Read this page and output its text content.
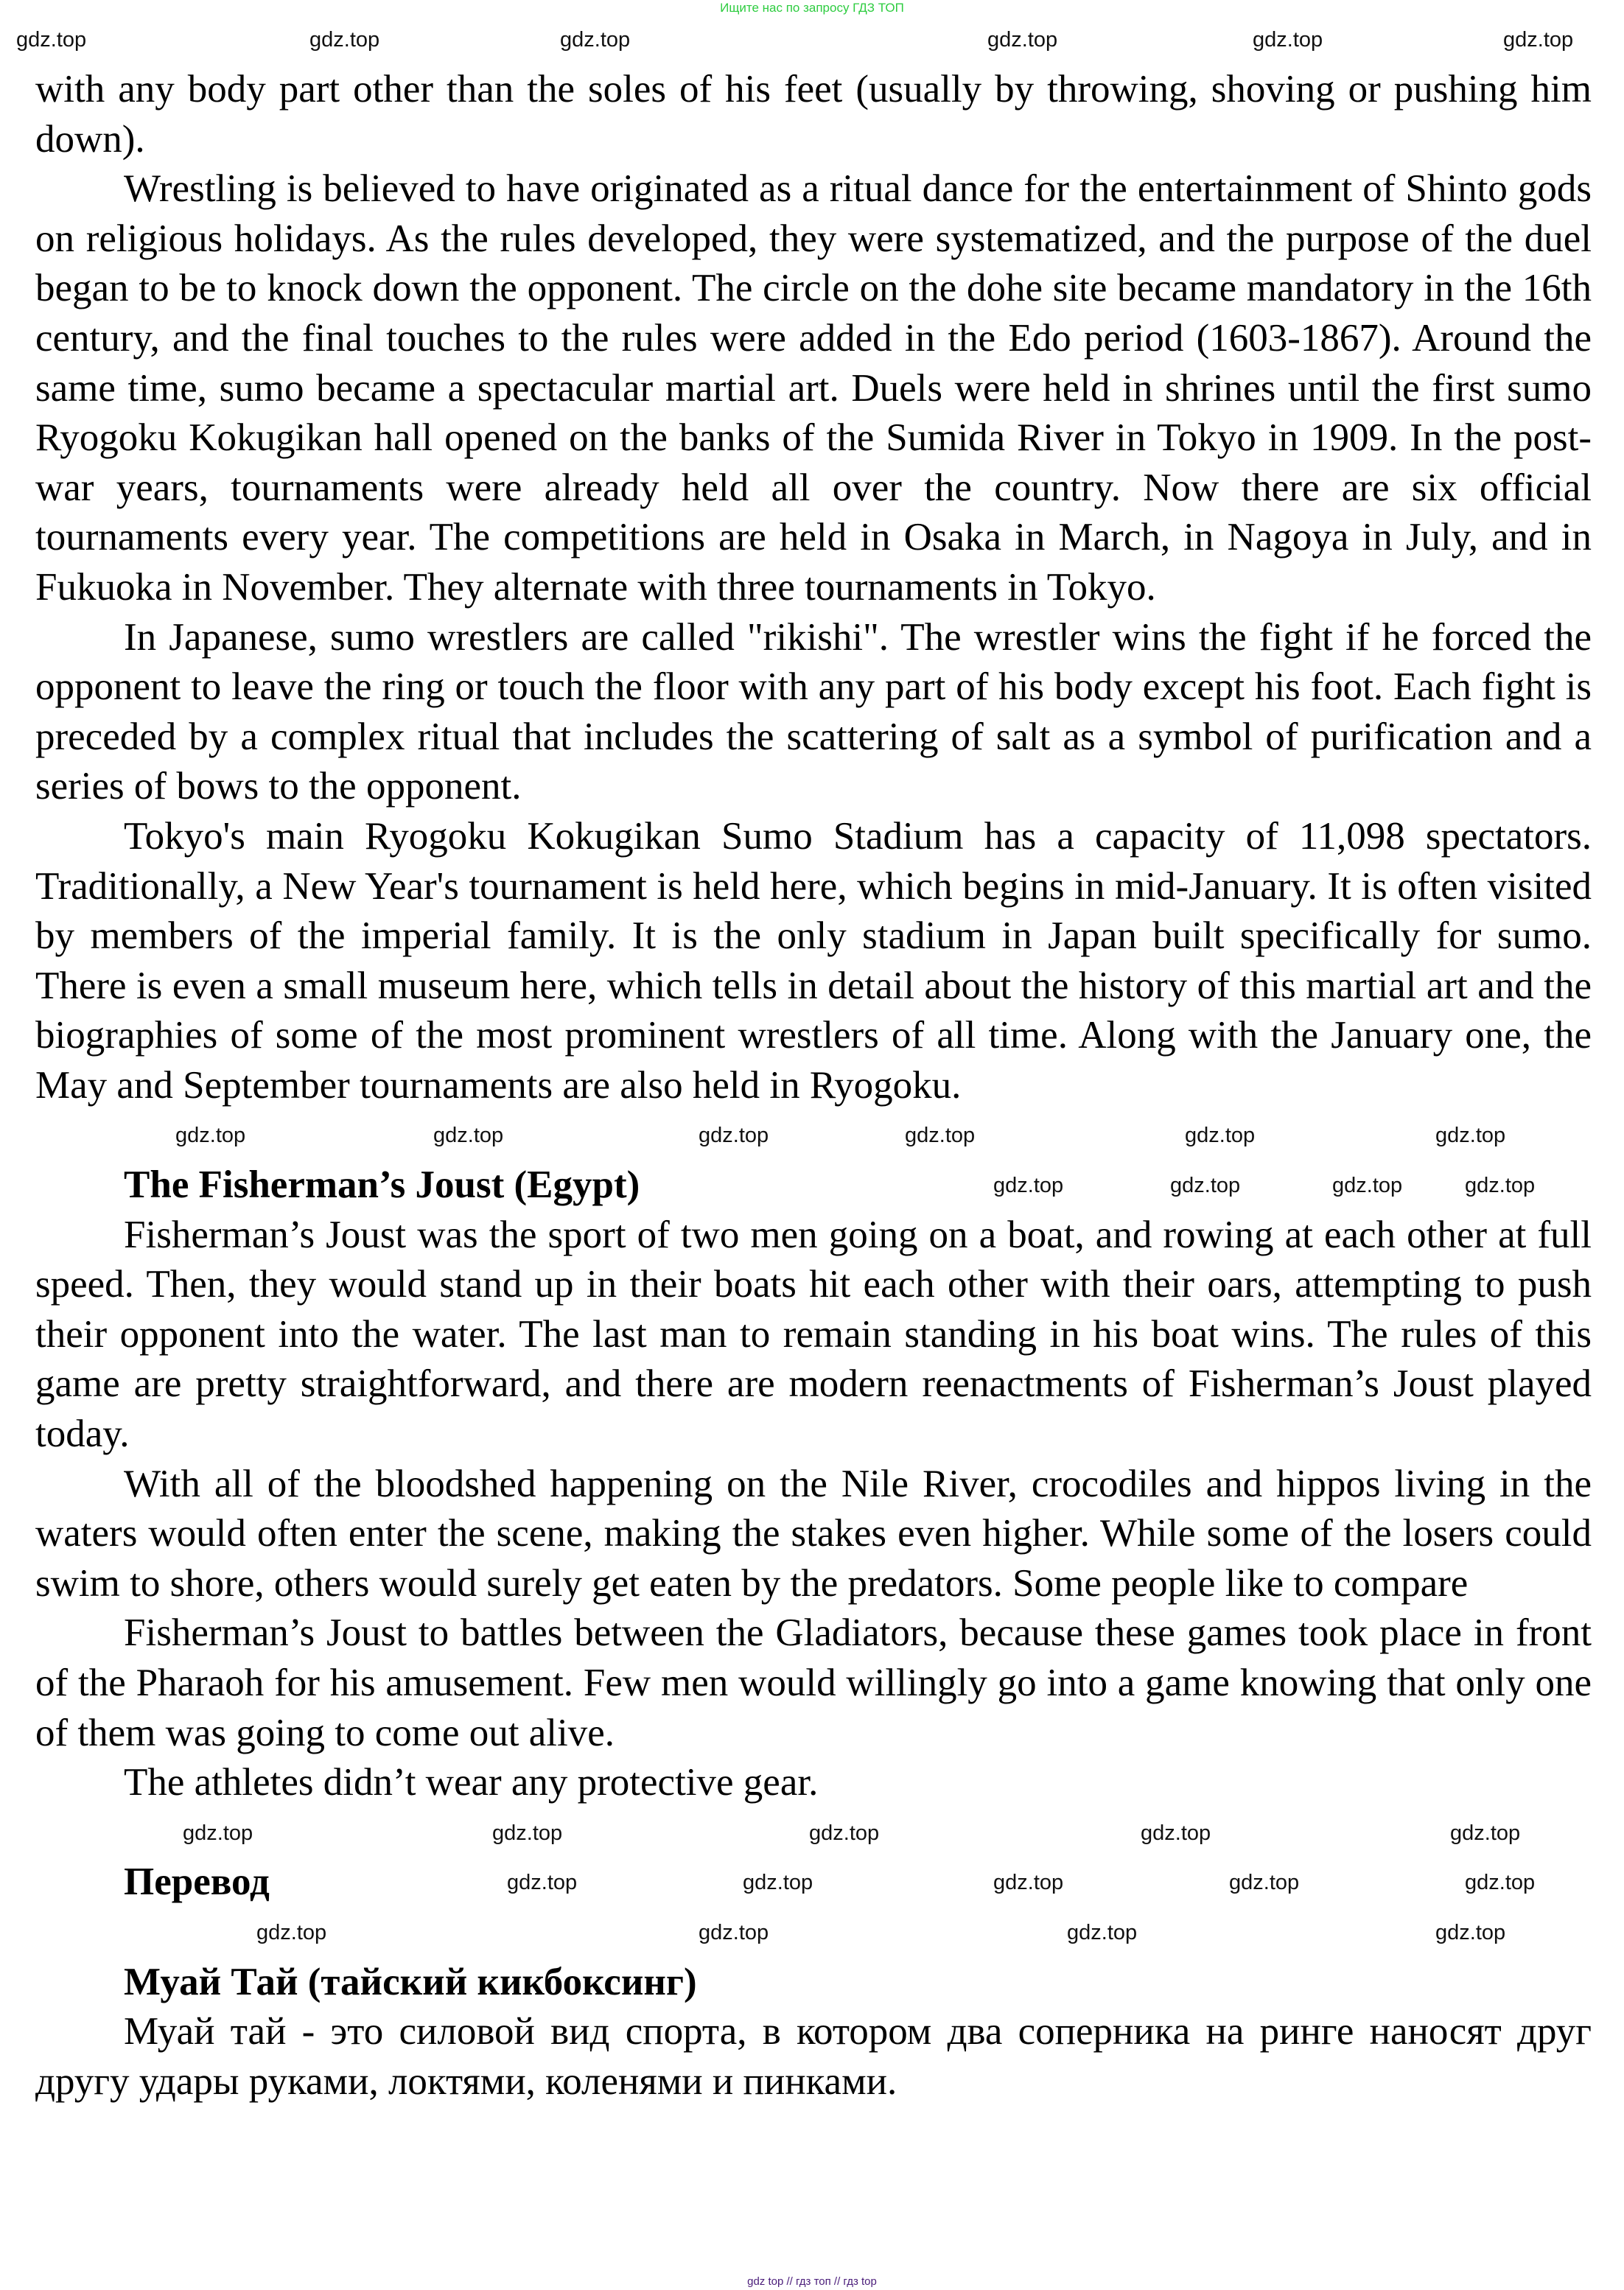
Ищите нас по запросу ГДЗ ТОП
gdz.top	gdz.top	gdz.top	gdz.top	gdz.top	gdz.top

with any body part other than the soles of his feet (usually by throwing, shoving or pushing him down).

Wrestling is believed to have originated as a ritual dance for the entertainment of Shinto gods on religious holidays. As the rules developed, they were systematized, and the purpose of the duel began to be to knock down the opponent. The circle on the dohe site became mandatory in the 16th century, and the final touches to the rules were added in the Edo period (1603-1867). Around the same time, sumo became a spectacular martial art. Duels were held in shrines until the first sumo Ryogoku Kokugikan hall opened on the banks of the Sumida River in Tokyo in 1909. In the post-war years, tournaments were already held all over the country. Now there are six official tournaments every year. The competitions are held in Osaka in March, in Nagoya in July, and in Fukuoka in November. They alternate with three tournaments in Tokyo.

In Japanese, sumo wrestlers are called "rikishi". The wrestler wins the fight if he forced the opponent to leave the ring or touch the floor with any part of his body except his foot. Each fight is preceded by a complex ritual that includes the scattering of salt as a symbol of purification and a series of bows to the opponent.

Tokyo's main Ryogoku Kokugikan Sumo Stadium has a capacity of 11,098 spectators. Traditionally, a New Year's tournament is held here, which begins in mid-January. It is often visited by members of the imperial family. It is the only stadium in Japan built specifically for sumo. There is even a small museum here, which tells in detail about the history of this martial art and the biographies of some of the most prominent wrestlers of all time. Along with the January one, the May and September tournaments are also held in Ryogoku.

gdz.top	gdz.top	gdz.top	gdz.top	gdz.top	gdz.top

The Fisherman’s Joust (Egypt)	gdz.top	gdz.top	gdz.top	gdz.top

Fisherman’s Joust was the sport of two men going on a boat, and rowing at each other at full speed. Then, they would stand up in their boats hit each other with their oars, attempting to push their opponent into the water. The last man to remain standing in his boat wins. The rules of this game are pretty straightforward, and there are modern reenactments of Fisherman’s Joust played today.

With all of the bloodshed happening on the Nile River, crocodiles and hippos living in the waters would often enter the scene, making the stakes even higher. While some of the losers could swim to shore, others would surely get eaten by the predators. Some people like to compare

Fisherman’s Joust to battles between the Gladiators, because these games took place in front of the Pharaoh for his amusement. Few men would willingly go into a game knowing that only one of them was going to come out alive.

The athletes didn’t wear any protective gear.

gdz.top	gdz.top	gdz.top	gdz.top	gdz.top

Перевод	gdz.top	gdz.top	gdz.top	gdz.top	gdz.top
gdz.top	gdz.top	gdz.top	gdz.top

Муай Тай (тайский кикбоксинг)

Муай тай - это силовой вид спорта, в котором два соперника на ринге наносят друг другу удары руками, локтями, коленями и пинками.

gdz top // гдз топ // гдз top
